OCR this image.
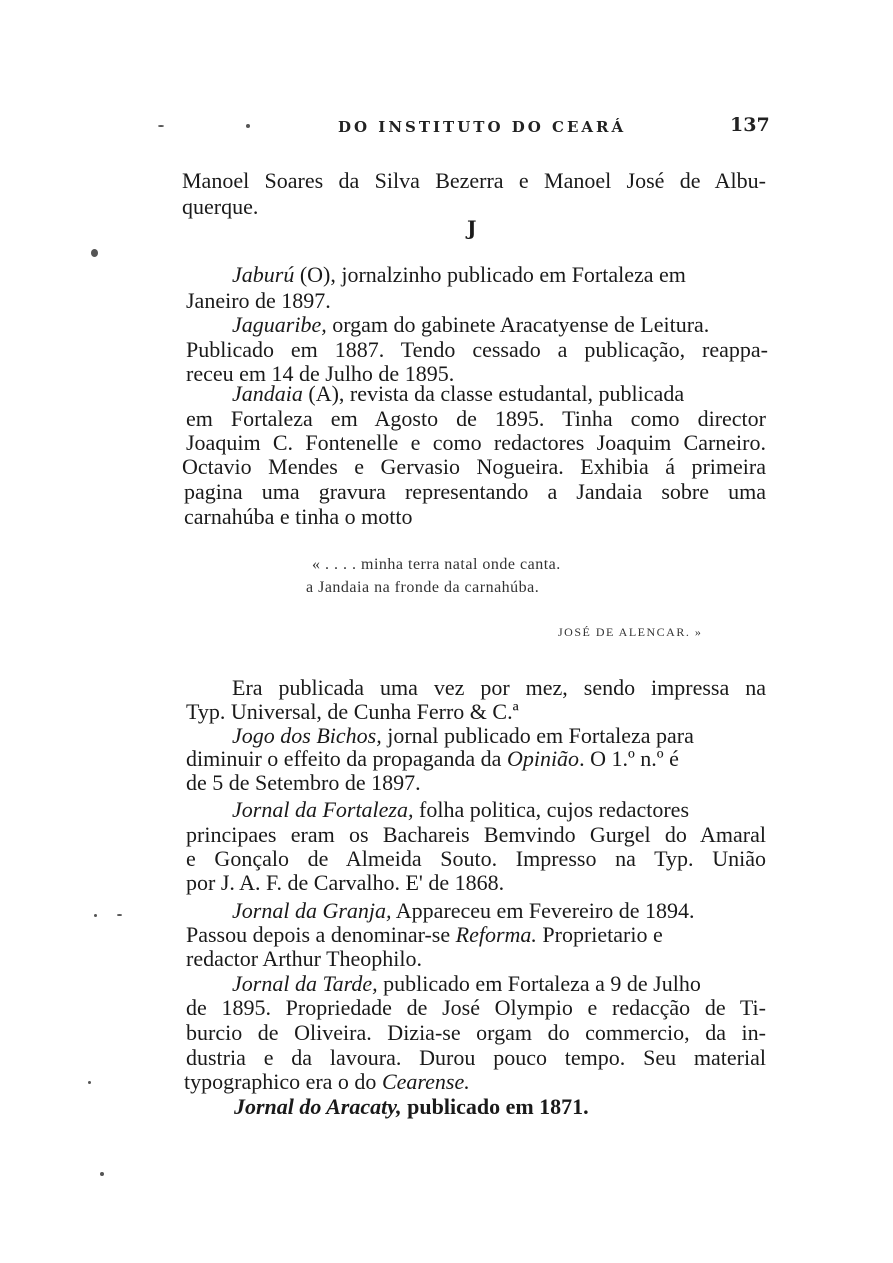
DO INSTITUTO DO CEARÁ	137

Manoel Soares da Silva Bezerra e Manoel José de Albu-

querque.

J

Jaburú (O), jornalzinho publicado em Fortaleza em

Janeiro de 1897.

Jaguaribe, orgam do gabinete Aracatyense de Leitura.

Publicado em 1887. Tendo cessado a publicação, reappa-

receu em 14 de Julho de 1895.

Jandaia (A), revista da classe estudantal, publicada

em Fortaleza em Agosto de 1895. Tinha como director

Joaquim C. Fontenelle e como redactores Joaquim Carneiro.

Octavio Mendes e Gervasio Nogueira. Exhibia á primeira

pagina uma gravura representando a Jandaia sobre uma

carnahúba e tinha o motto

« . . . . minha terra natal onde canta.

a Jandaia na fronde da carnahúba.

JOSÉ DE ALENCAR. »

Era publicada uma vez por mez, sendo impressa na

Typ. Universal, de Cunha Ferro & C.ª

Jogo dos Bichos, jornal publicado em Fortaleza para

diminuir o effeito da propaganda da Opinião. O 1.º n.º é

de 5 de Setembro de 1897.

Jornal da Fortaleza, folha politica, cujos redactores

principaes eram os Bachareis Bemvindo Gurgel do Amaral

e Gonçalo de Almeida Souto. Impresso na Typ. União

por J. A. F. de Carvalho. E' de 1868.

Jornal da Granja, Appareceu em Fevereiro de 1894.

Passou depois a denominar-se Reforma. Proprietario e

redactor Arthur Theophilo.

Jornal da Tarde, publicado em Fortaleza a 9 de Julho

de 1895. Propriedade de José Olympio e redacção de Ti-

burcio de Oliveira. Dizia-se orgam do commercio, da in-

dustria e da lavoura. Durou pouco tempo. Seu material

typographico era o do Cearense.

Jornal do Aracaty, publicado em 1871.
